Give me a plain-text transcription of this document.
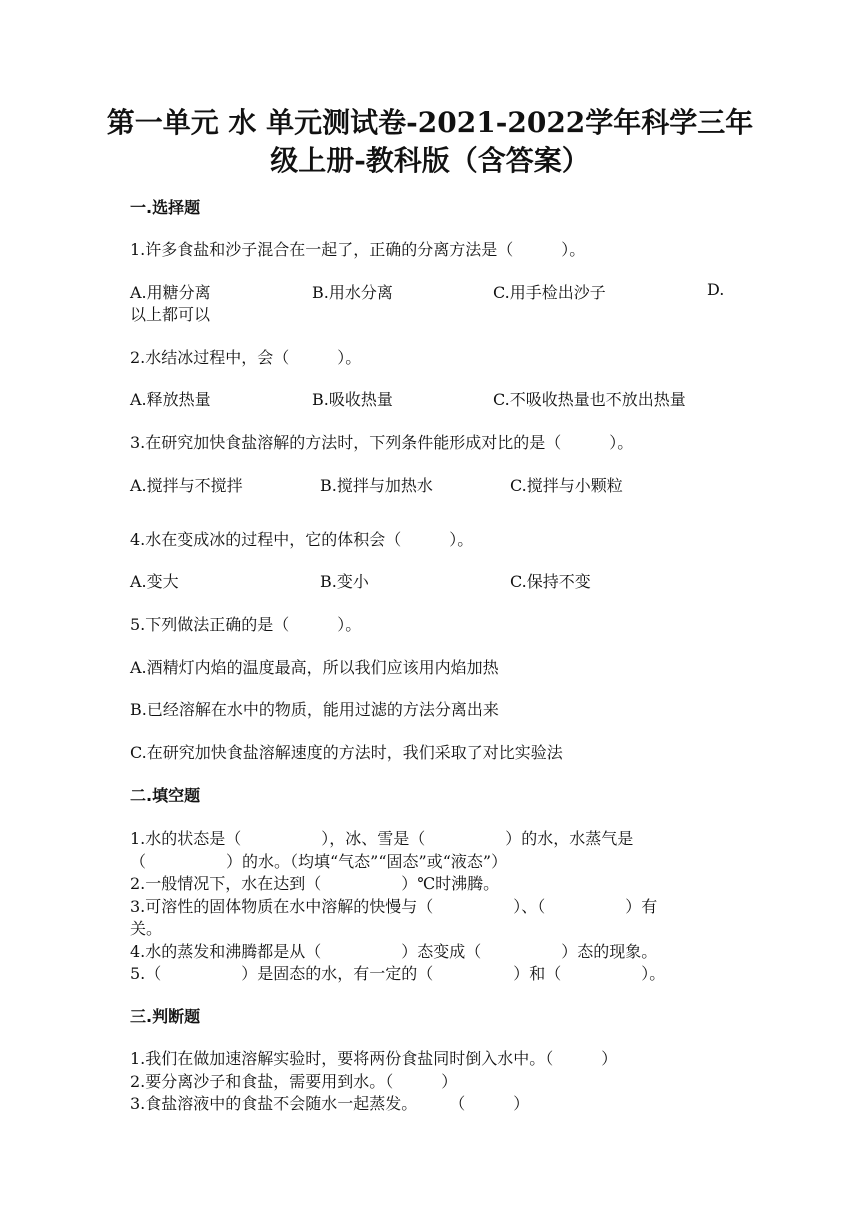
第一单元 水 单元测试卷-2021-2022学年科学三年
级上册-教科版（含答案）
一.选择题
1.许多食盐和沙子混合在一起了，正确的分离方法是（　　　）。
A.用糖分离	B.用水分离	C.用手检出沙子	D.
以上都可以
2.水结冰过程中，会（　　　）。
A.释放热量	B.吸收热量	C.不吸收热量也不放出热量
3.在研究加快食盐溶解的方法时，下列条件能形成对比的是（　　　）。
A.搅拌与不搅拌	B.搅拌与加热水	C.搅拌与小颗粒
4.水在变成冰的过程中，它的体积会（　　　）。
A.变大	B.变小	C.保持不变
5.下列做法正确的是（　　　）。
A.酒精灯内焰的温度最高，所以我们应该用内焰加热
B.已经溶解在水中的物质，能用过滤的方法分离出来
C.在研究加快食盐溶解速度的方法时，我们采取了对比实验法
二.填空题
1.水的状态是（　　　　　），冰、雪是（　　　　　）的水，水蒸气是
（　　　　　）的水。（均填“气态”“固态”或“液态”）
2.一般情况下，水在达到（　　　　　）℃时沸腾。
3.可溶性的固体物质在水中溶解的快慢与（　　　　　）、（　　　　　）有
关。
4.水的蒸发和沸腾都是从（　　　　　）态变成（　　　　　）态的现象。
5.（　　　　　）是固态的水，有一定的（　　　　　）和（　　　　　）。
三.判断题
1.我们在做加速溶解实验时，要将两份食盐同时倒入水中。（　　　）
2.要分离沙子和食盐，需要用到水。（　　　）
3.食盐溶液中的食盐不会随水一起蒸发。　　　（　　　）
